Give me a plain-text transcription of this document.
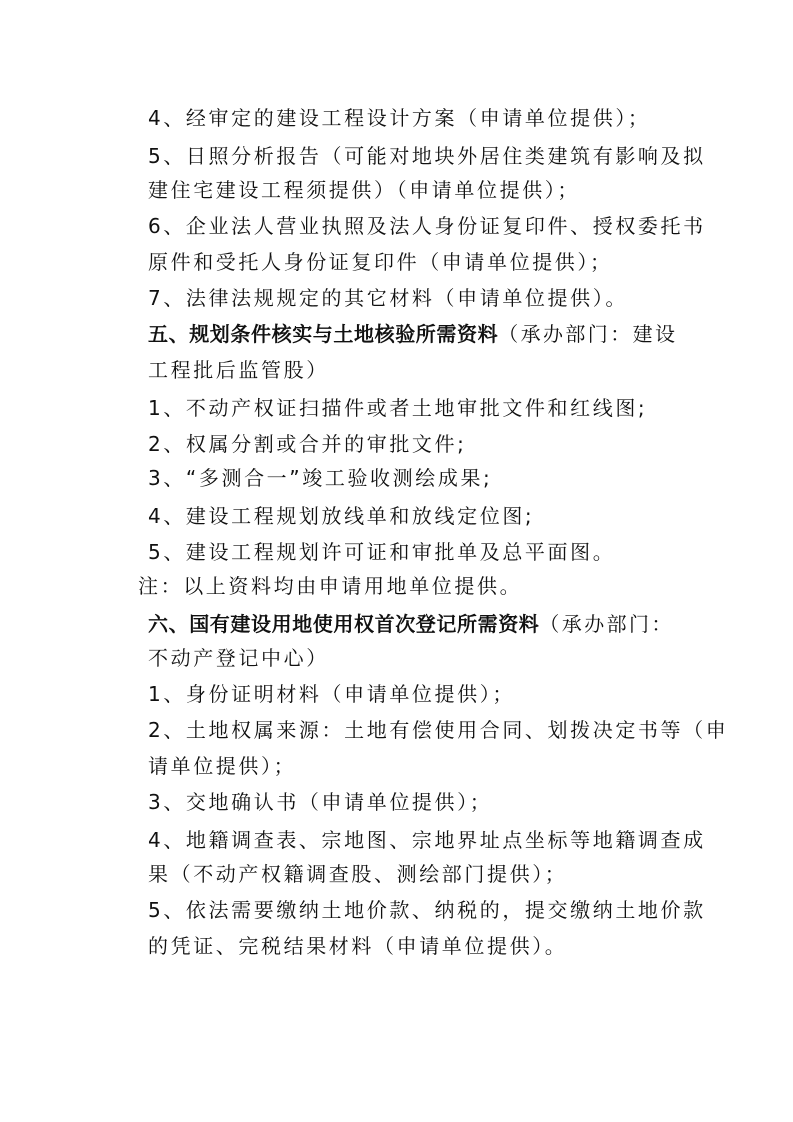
4、经审定的建设工程设计方案（申请单位提供）；
5、日照分析报告（可能对地块外居住类建筑有影响及拟
建住宅建设工程须提供）（申请单位提供）；
6、企业法人营业执照及法人身份证复印件、授权委托书
原件和受托人身份证复印件（申请单位提供）；
7、法律法规规定的其它材料（申请单位提供）。
五、规划条件核实与土地核验所需资料（承办部门：建设
工程批后监管股）
1、不动产权证扫描件或者土地审批文件和红线图;
2、权属分割或合并的审批文件;
3、“多测合一”竣工验收测绘成果;
4、建设工程规划放线单和放线定位图;
5、建设工程规划许可证和审批单及总平面图。
注：以上资料均由申请用地单位提供。
六、国有建设用地使用权首次登记所需资料（承办部门：
不动产登记中心）
1、身份证明材料（申请单位提供）；
2、土地权属来源：土地有偿使用合同、划拨决定书等（申
请单位提供）；
3、交地确认书（申请单位提供）；
4、地籍调查表、宗地图、宗地界址点坐标等地籍调查成
果（不动产权籍调查股、测绘部门提供）；
5、依法需要缴纳土地价款、纳税的，提交缴纳土地价款
的凭证、完税结果材料（申请单位提供）。
